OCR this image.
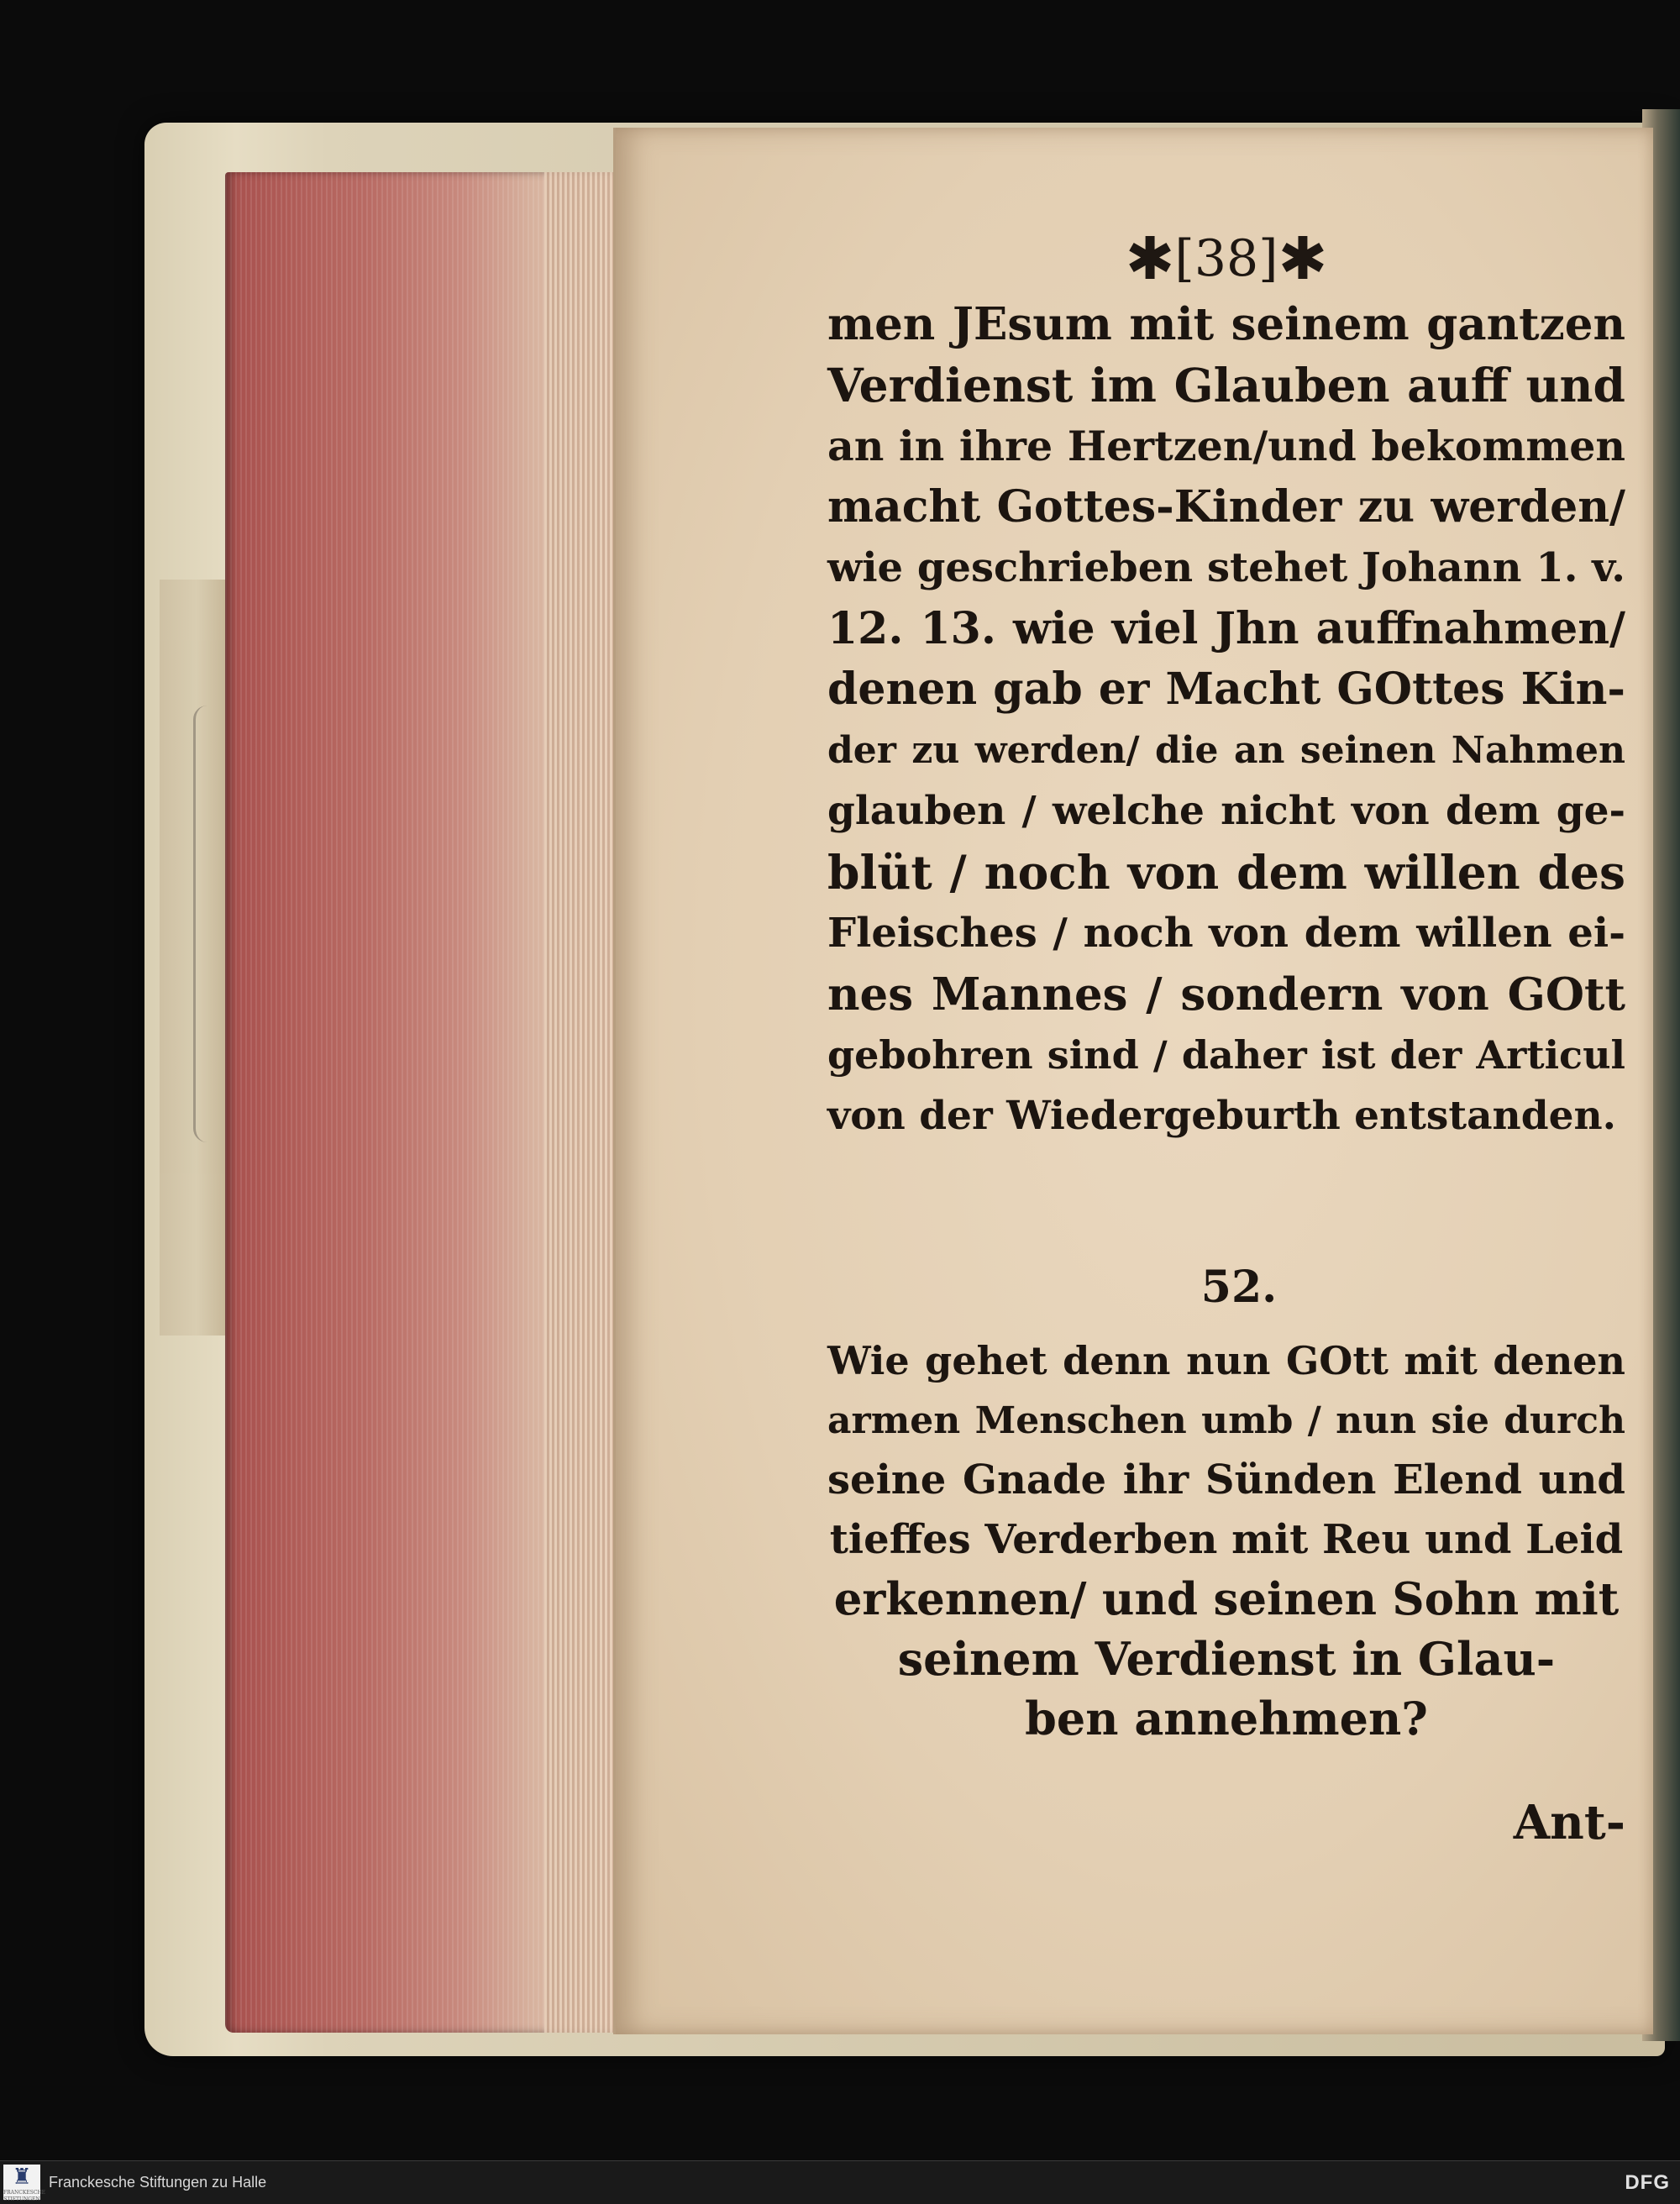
✱[38]✱
men JEsum mit seinem gantzen
Verdienst im Glauben auff und
an in ihre Hertzen/und bekommen
macht Gottes-Kinder zu werden/
wie geschrieben stehet Johann 1. v.
12. 13. wie viel Jhn auffnahmen/
denen gab er Macht GOttes Kin-
der zu werden/ die an seinen Nahmen
glauben / welche nicht von dem ge-
blüt / noch von dem willen des
Fleisches / noch von dem willen ei-
nes Mannes / sondern von GOtt
gebohren sind / daher ist der Articul
von der Wiedergeburth entstanden.
52.
Wie gehet denn nun GOtt mit denen
armen Menschen umb / nun sie durch
seine Gnade ihr Sünden Elend und
tieffes Verderben mit Reu und Leid
erkennen/ und seinen Sohn mit
seinem Verdienst in Glau-
ben annehmen?
Ant-
♜
FRANCKESCHE STIFTUNGEN
Franckesche Stiftungen zu Halle	DFG
